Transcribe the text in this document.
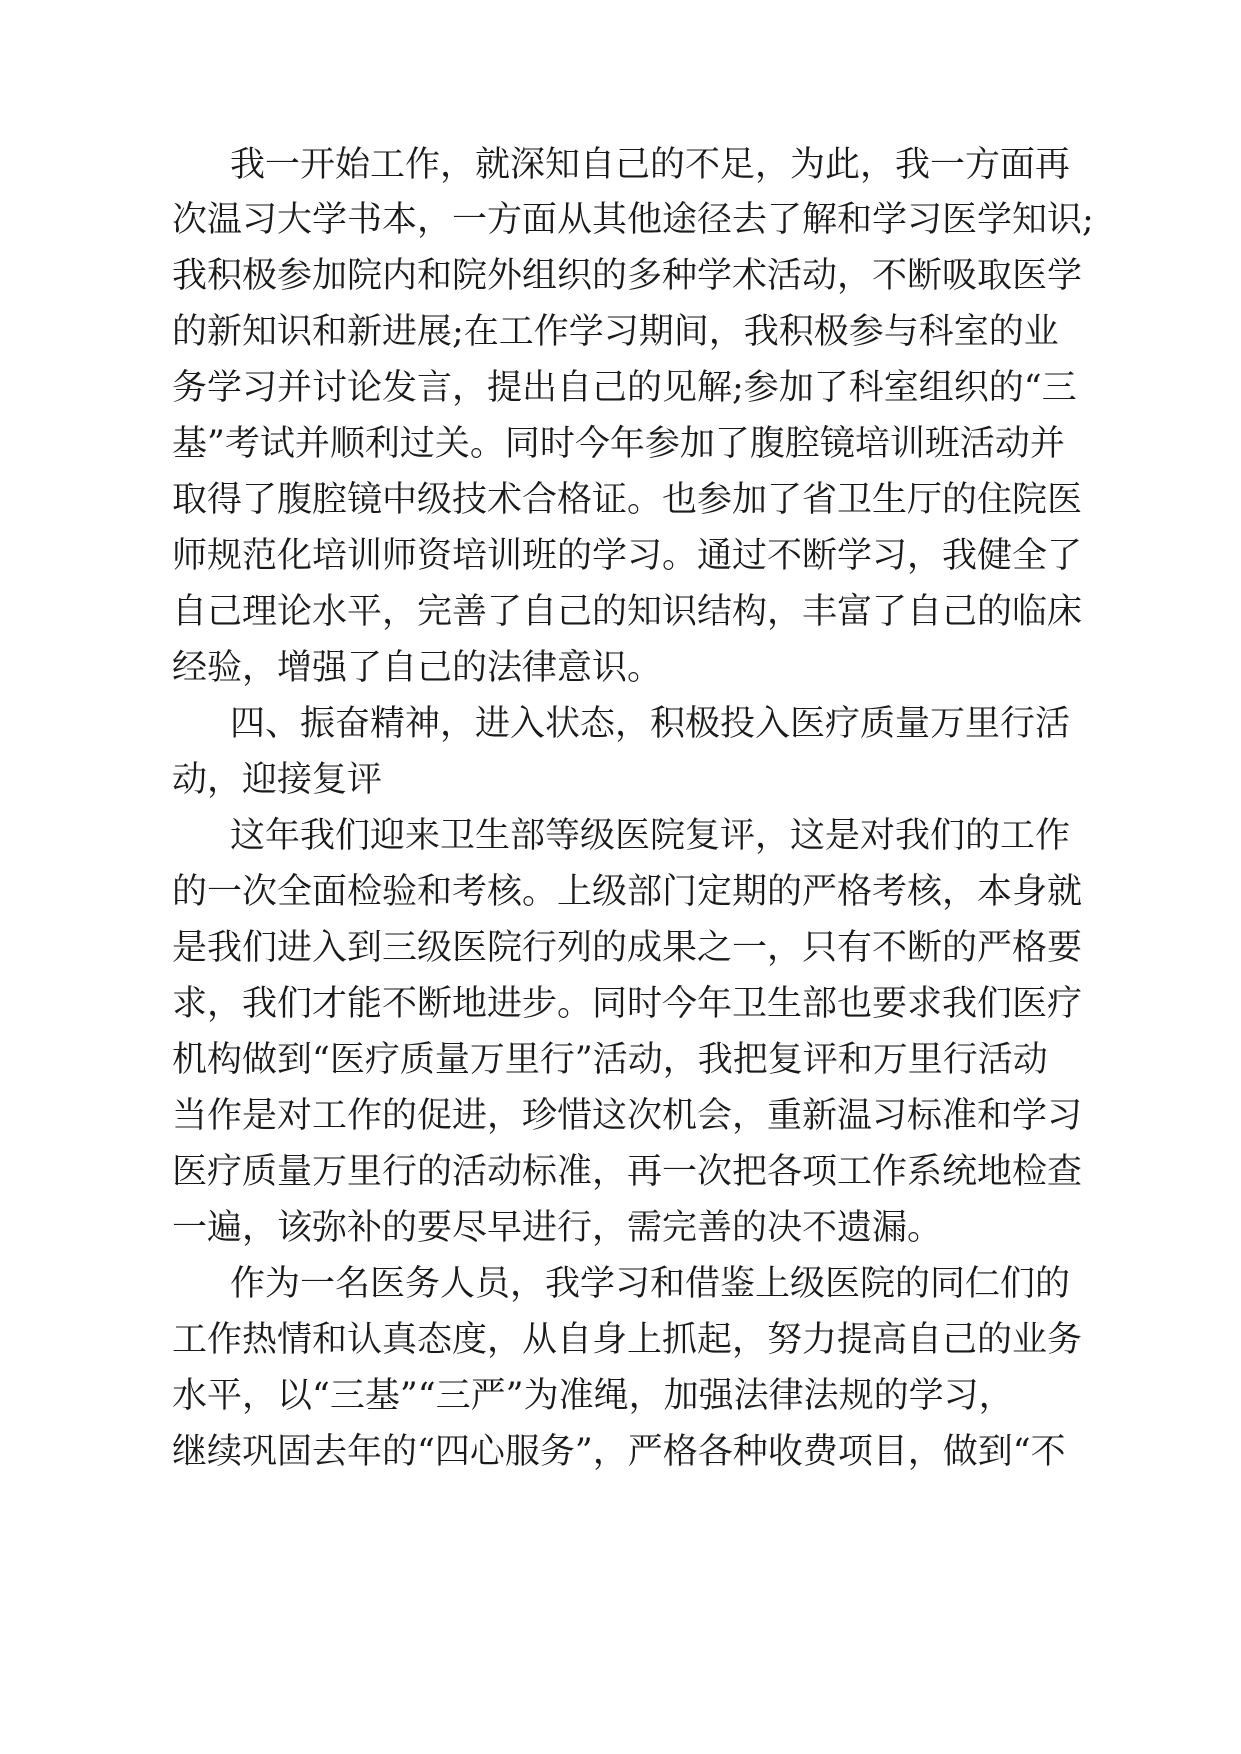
我一开始工作，就深知自己的不足，为此，我一方面再
次温习大学书本，一方面从其他途径去了解和学习医学知识;
我积极参加院内和院外组织的多种学术活动，不断吸取医学
的新知识和新进展;在工作学习期间，我积极参与科室的业
务学习并讨论发言，提出自己的见解;参加了科室组织的“三
基”考试并顺利过关。同时今年参加了腹腔镜培训班活动并
取得了腹腔镜中级技术合格证。也参加了省卫生厅的住院医
师规范化培训师资培训班的学习。通过不断学习，我健全了
自己理论水平，完善了自己的知识结构，丰富了自己的临床
经验，增强了自己的法律意识。
四、振奋精神，进入状态，积极投入医疗质量万里行活
动，迎接复评
这年我们迎来卫生部等级医院复评，这是对我们的工作
的一次全面检验和考核。上级部门定期的严格考核，本身就
是我们进入到三级医院行列的成果之一，只有不断的严格要
求，我们才能不断地进步。同时今年卫生部也要求我们医疗
机构做到“医疗质量万里行”活动，我把复评和万里行活动
当作是对工作的促进，珍惜这次机会，重新温习标准和学习
医疗质量万里行的活动标准，再一次把各项工作系统地检查
一遍，该弥补的要尽早进行，需完善的决不遗漏。
作为一名医务人员，我学习和借鉴上级医院的同仁们的
工作热情和认真态度，从自身上抓起，努力提高自己的业务
水平，以“三基”“三严”为准绳，加强法律法规的学习，
继续巩固去年的“四心服务”，严格各种收费项目，做到“不
